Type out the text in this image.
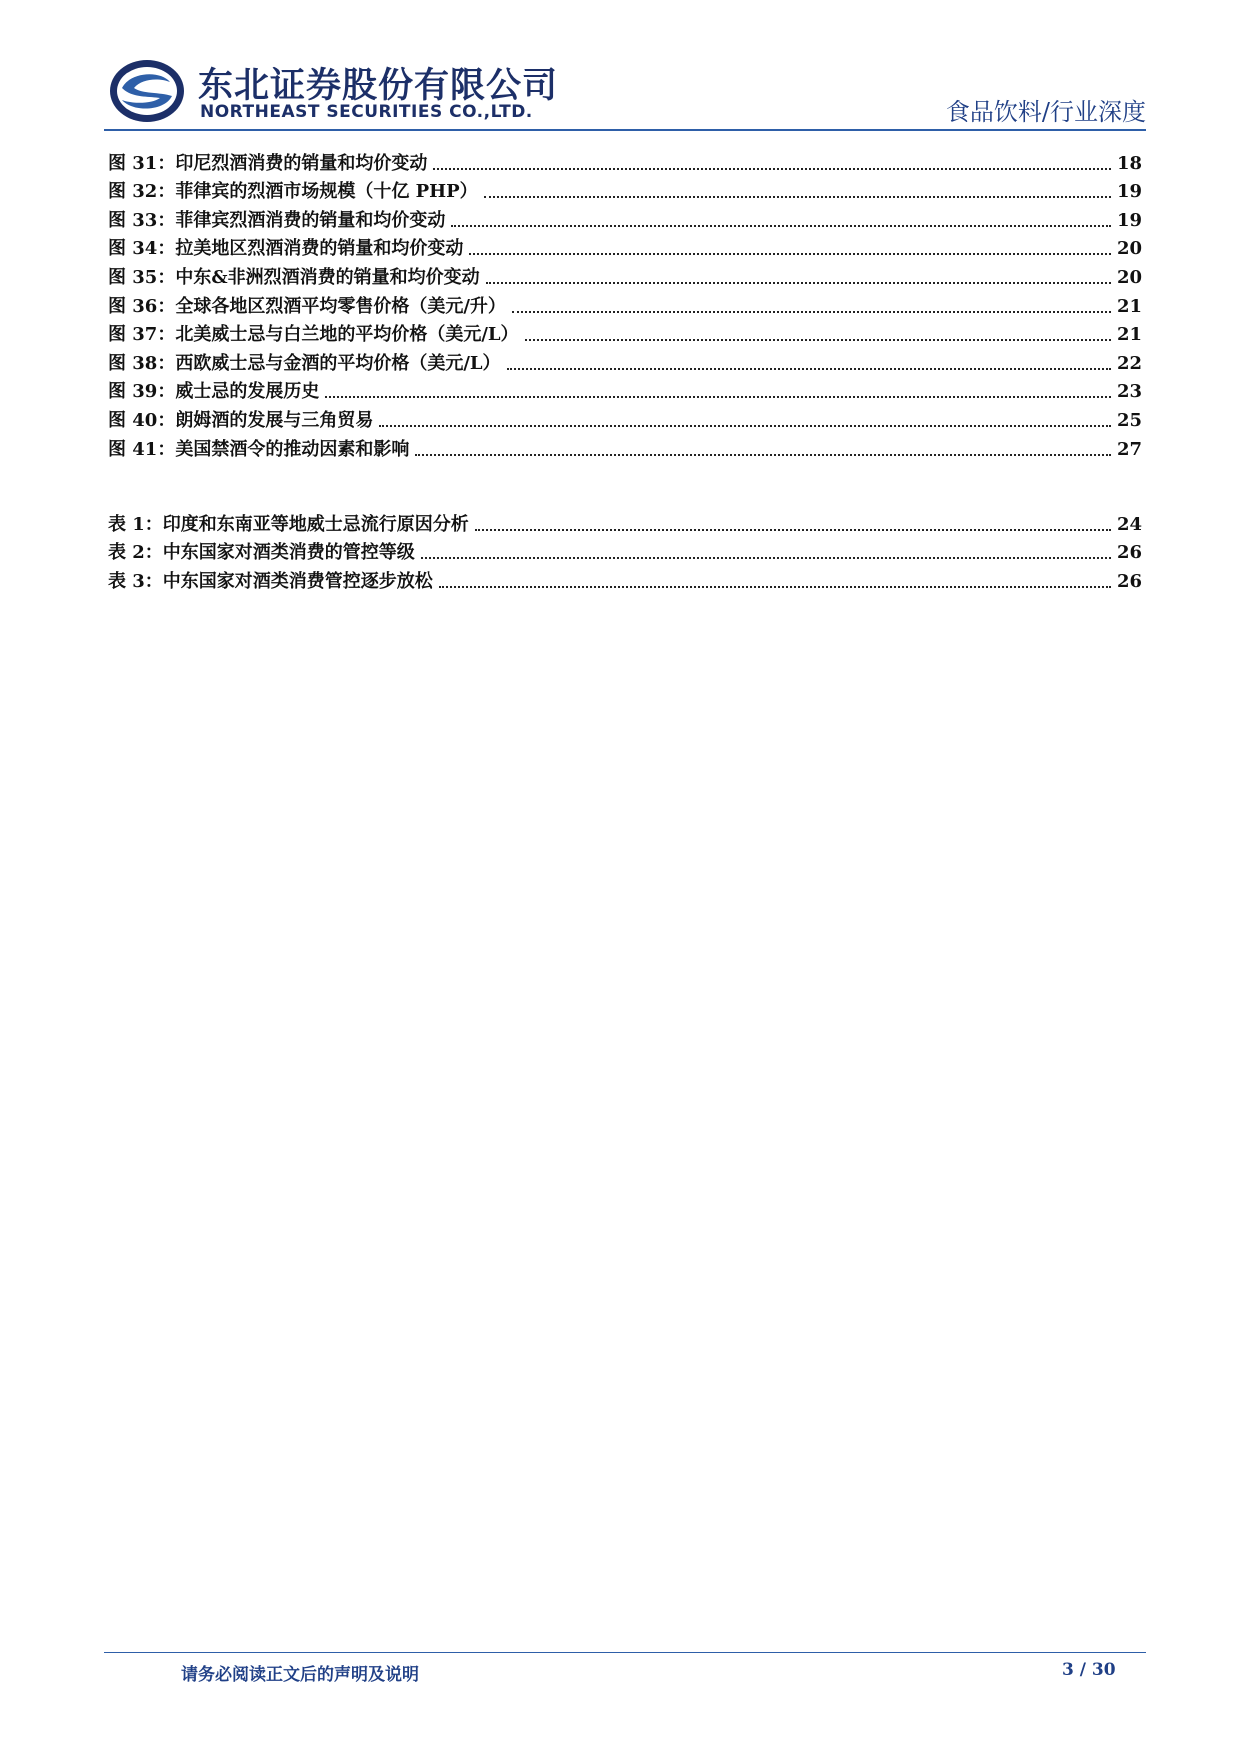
东北证券股份有限公司
NORTHEAST SECURITIES CO.,LTD.	食品饮料/行业深度
图 31： 印尼烈酒消费的销量和均价变动	18
图 32： 菲律宾的烈酒市场规模（十亿 PHP）	19
图 33： 菲律宾烈酒消费的销量和均价变动	19
图 34： 拉美地区烈酒消费的销量和均价变动	20
图 35： 中东&非洲烈酒消费的销量和均价变动	20
图 36： 全球各地区烈酒平均零售价格（美元/升）	21
图 37： 北美威士忌与白兰地的平均价格（美元/L）	21
图 38： 西欧威士忌与金酒的平均价格（美元/L）	22
图 39： 威士忌的发展历史	23
图 40： 朗姆酒的发展与三角贸易	25
图 41： 美国禁酒令的推动因素和影响	27
表 1： 印度和东南亚等地威士忌流行原因分析	24
表 2： 中东国家对酒类消费的管控等级	26
表 3： 中东国家对酒类消费管控逐步放松	26
请务必阅读正文后的声明及说明	3 / 30
